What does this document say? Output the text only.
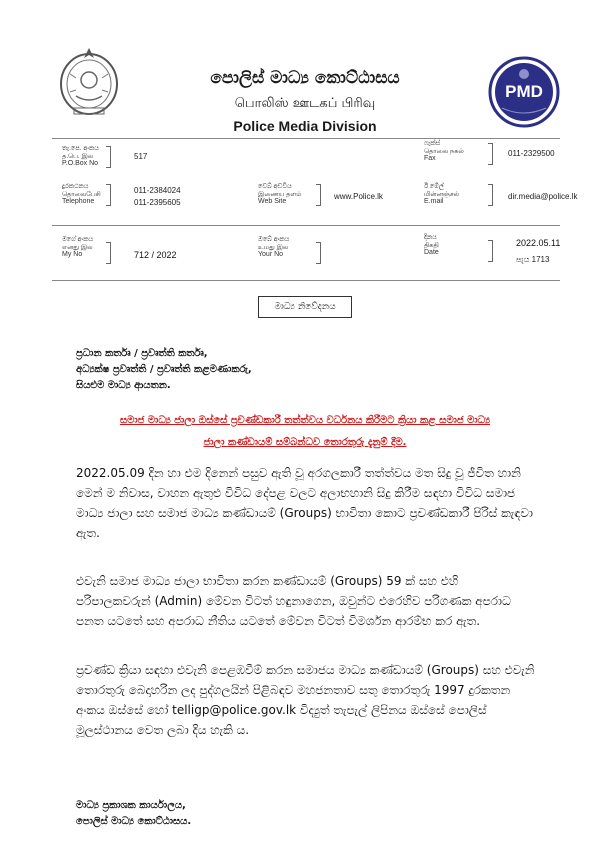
පොලිස් මාධ්‍ය කොට්ඨාසය
பொலிஸ் ஊடகப் பிரிவு
Police Media Division
PMD
තැ.පෙ. අංකය
த.பெ. இல
P.O.Box No
517
ෆැක්ස්
தொலை நகல்
Fax
011-2329500
දුරකථනය
தொலைபேசி
Telephone
011-2384024
011-2395605
වෙබ් අඩවිය
இணைய தளம்
Web Site
www.Police.lk
ඊ මේල්
மின்னஞ்சல்
E.mail
dir.media@police.lk
මගේ අංකය
எனது இல
My No	712 / 2022
ඔබේ අංකය
உமது இல
Your No
දිනය
திகதி
Date
2022.05.11
පැය 1713
මාධ්‍ය නිවේදනය
ප්‍රධාන කර්තෘ / ප්‍රවෘත්ති කර්තෘ,
අධ්‍යක්ෂ ප්‍රවෘත්ති / ප්‍රවෘත්ති කළමණාකරු,
සියළුම මාධ්‍ය ආයතන.
සමාජ මාධ්‍ය ජාලා ඔස්සේ ප්‍රචණ්ඩකාරී තත්ත්වය වර්ධනය කිරීමට ක්‍රියා කළ සමාජ මාධ්‍ය
ජාලා කණ්ඩායම් සම්බන්ධව තොරතුරු දැනුම් දීම.
2022.05.09 දින හා එම දිනෙන් පසුව ඇති වූ අරගලකාරී තත්ත්වය මත සිදු වූ ජීවිත හානි මෙන් ම නිවාස, වාහන ඇතුළු විවිධ දේපළ වලට අලාභහානි සිදු කිරීම සඳහා විවිධ සමාජ මාධ්‍ය ජාලා සහ සමාජ මාධ්‍ය කණ්ඩායම් (Groups) භාවිතා කොට ප්‍රචණ්ඩකාරී පිරිස් කැඳවා ඇත.
එවැනි සමාජ මාධ්‍ය ජාලා භාවිතා කරන කණ්ඩායම් (Groups) 59 ක් සහ එහි පරිපාලකවරුන් (Admin) මේවන විටත් හඳුනාගෙන, ඔවුන්ට එරෙහිව පරිගණක අපරාධ පනත යටතේ සහ අපරාධ නීතිය යටතේ මේවන විටත් විමර්ශන ආරම්භ කර ඇත.
ප්‍රචණ්ඩ ක්‍රියා සඳහා එවැනි පෙළඹවීම් කරන සමාජය මාධ්‍ය කණ්ඩායම් (Groups) සහ එවැනි තොරතුරු බෙදාහරින ලද පුද්ගලයින් පිළිබඳව මහජනතාව සතු තොරතුරු 1997 දුරකතන අංකය ඔස්සේ හෝ telligp@police.gov.lk විද්‍යුත් තැපැල් ලිපිනය ඔස්සේ පොලිස් මූලස්ථානය වෙත ලබා දිය හැකි ය.
මාධ්‍ය ප්‍රකාශක කාර්යාලය,
පොලිස් මාධ්‍ය කොට්ඨාසය.
